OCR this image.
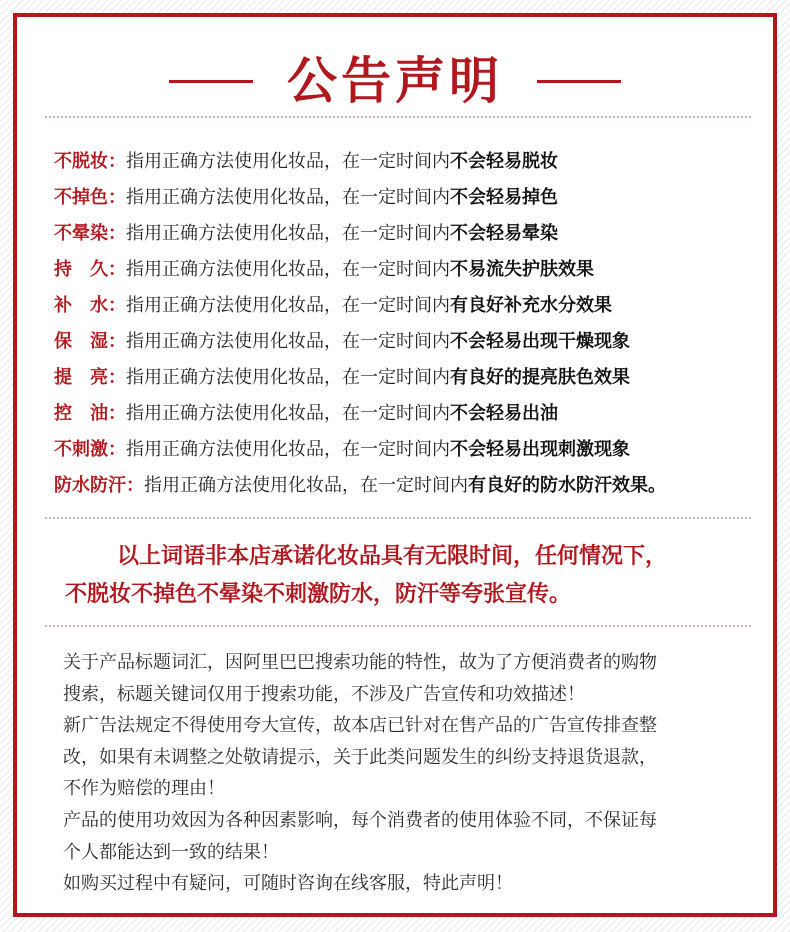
公告声明
不脱妆： 指用正确方法使用化妆品，在一定时间内 不会轻易脱妆
不掉色： 指用正确方法使用化妆品，在一定时间内 不会轻易掉色
不晕染： 指用正确方法使用化妆品，在一定时间内 不会轻易晕染
持　久： 指用正确方法使用化妆品，在一定时间内 不易流失护肤效果
补　水： 指用正确方法使用化妆品，在一定时间内 有良好补充水分效果
保　湿： 指用正确方法使用化妆品，在一定时间内 不会轻易出现干燥现象
提　亮： 指用正确方法使用化妆品，在一定时间内 有良好的提亮肤色效果
控　油： 指用正确方法使用化妆品，在一定时间内 不会轻易出油
不刺激： 指用正确方法使用化妆品，在一定时间内 不会轻易出现刺激现象
防水防汗： 指用正确方法使用化妆品，在一定时间内 有良好的防水防汗效果。
以上词语非本店承诺化妆品具有无限时间，任何情况下，
不脱妆不掉色不晕染不刺激防水，防汗等夸张宣传。

关于产品标题词汇，因阿里巴巴搜索功能的特性，故为了方便消费者的购物

搜索，标题关键词仅用于搜索功能，不涉及广告宣传和功效描述！

新广告法规定不得使用夸大宣传，故本店已针对在售产品的广告宣传排查整

改，如果有未调整之处敬请提示，关于此类问题发生的纠纷支持退货退款，

不作为赔偿的理由！

产品的使用功效因为各种因素影响，每个消费者的使用体验不同，不保证每

个人都能达到一致的结果！

如购买过程中有疑问，可随时咨询在线客服，特此声明！
